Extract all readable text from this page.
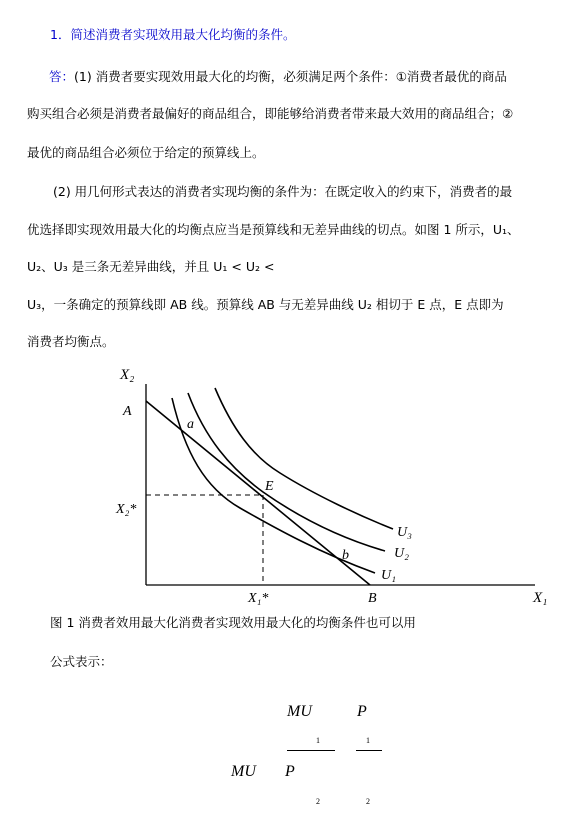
1．简述消费者实现效用最大化均衡的条件。
答：(1) 消费者要实现效用最大化的均衡，必须满足两个条件：①消费者最优的商品
购买组合必须是消费者最偏好的商品组合，即能够给消费者带来最大效用的商品组合；②
最优的商品组合必须位于给定的预算线上。
(2) 用几何形式表达的消费者实现均衡的条件为：在既定收入的约束下，消费者的最
优选择即实现效用最大化的均衡点应当是预算线和无差异曲线的切点。如图 1 所示，U₁、
U₂、U₃ 是三条无差异曲线，并且 U₁ < U₂ <
U₃，一条确定的预算线即 AB 线。预算线 AB 与无差异曲线 U₂ 相切于 E 点，E 点即为
消费者均衡点。
X₂
A
a
E
X₂*
b
U₃
U₂
U₁
X₁*	B	X₁
图 1 消费者效用最大化消费者实现效用最大化的均衡条件也可以用
公式表示：
MU	P
1	1
MU P
2	2
